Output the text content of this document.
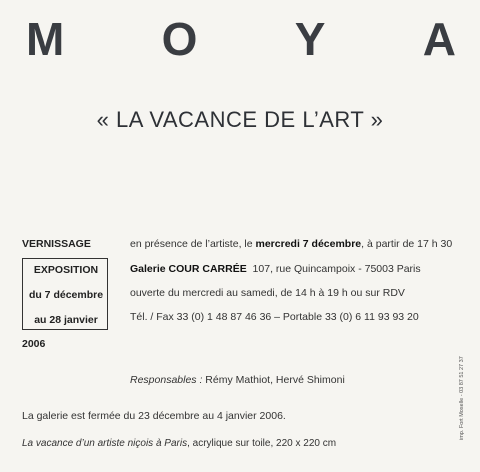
M O Y A
« LA VACANCE DE L’ART »
VERNISSAGE	en présence de l’artiste, le mercredi 7 décembre, à partir de 17 h 30
EXPOSITION
du 7 décembre
au 28 janvier
2006
Galerie COUR CARRÉE 107, rue Quincampoix - 75003 Paris
ouverte du mercredi au samedi, de 14 h à 19 h ou sur RDV
Tél. / Fax 33 (0) 1 48 87 46 36 – Portable 33 (0) 6 11 93 93 20
Responsables : Rémy Mathiot, Hervé Shimoni
La galerie est fermée du 23 décembre au 4 janvier 2006.
La vacance d’un artiste niçois à Paris, acrylique sur toile, 220 x 220 cm
imp. Fort Moselle - 03 87 51 27 37
